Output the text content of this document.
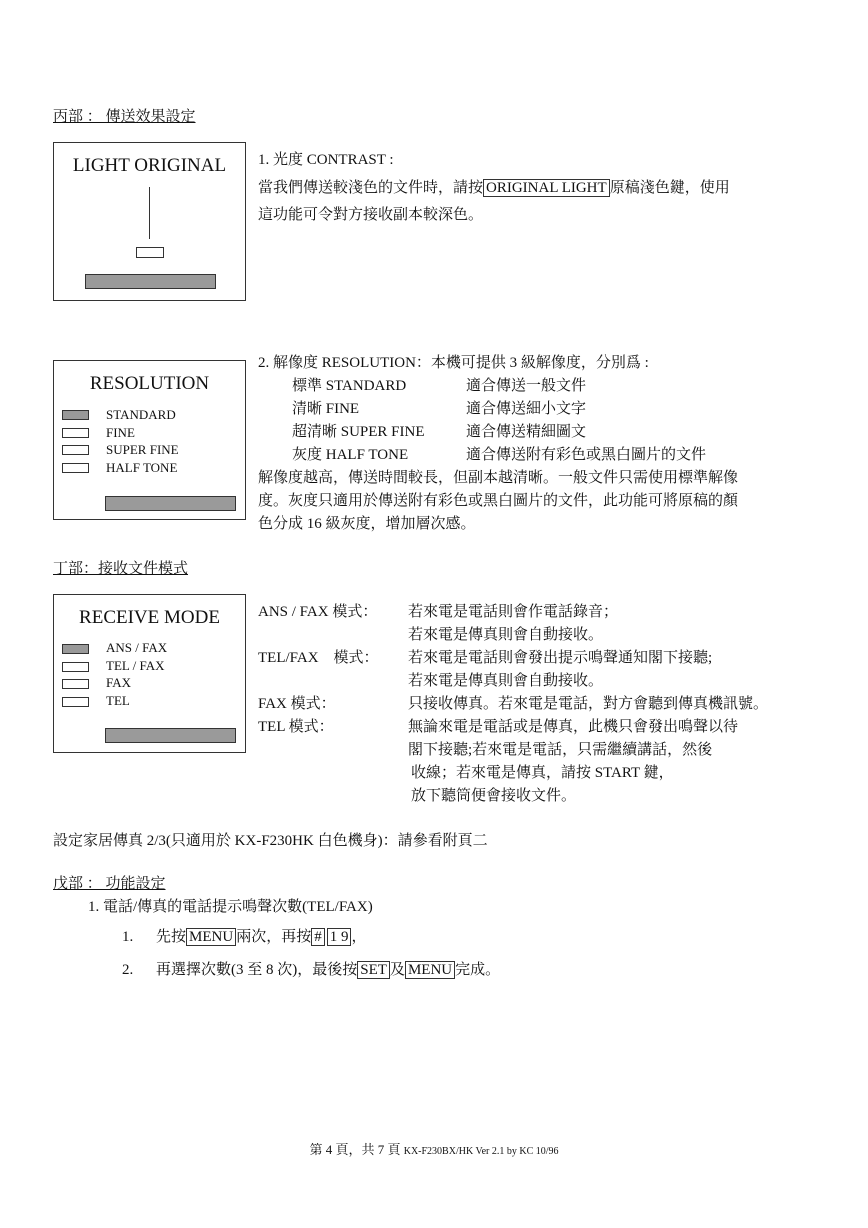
丙部 ： 傳送效果設定
LIGHT ORIGINAL	1. 光度 CONTRAST :
當我們傳送較淺色的文件時，請按 ORIGINAL LIGHT 原稿淺色鍵，使用
這功能可令對方接收副本較深色。
RESOLUTION
STANDARD
FINE
SUPER FINE
HALF TONE
2. 解像度 RESOLUTION：本機可提供 3 級解像度，分別爲 :
標準 STANDARD	適合傳送一般文件
清晰 FINE	適合傳送細小文字
超清晰 SUPER FINE	適合傳送精細圖文
灰度 HALF TONE	適合傳送附有彩色或黑白圖片的文件
解像度越高，傳送時間較長，但副本越清晰。一般文件只需使用標準解像
度。灰度只適用於傳送附有彩色或黑白圖片的文件，此功能可將原稿的顏
色分成 16 級灰度，增加層次感。
丁部：接收文件模式
RECEIVE MODE
ANS / FAX
TEL / FAX
FAX
TEL
ANS / FAX 模式： 若來電是電話則會作電話錄音；
若來電是傳真則會自動接收。
TEL/FAX　模式： 若來電是電話則會發出提示鳴聲通知閣下接聽;
若來電是傳真則會自動接收。
FAX 模式：	只接收傳真。若來電是電話，對方會聽到傳真機訊號。
TEL 模式：	無論來電是電話或是傳真，此機只會發出鳴聲以待
閣下接聽;若來電是電話，只需繼續講話，然後
收線；若來電是傳真，請按 START 鍵，
放下聽筒便會接收文件。
設定家居傳真 2/3(只適用於 KX-F230HK 白色機身)：請參看附頁二
戊部 ： 功能設定
1. 電話/傳真的電話提示鳴聲次數(TEL/FAX)
1. 先按 MENU 兩次，再按 # 1 9 ，
2. 再選擇次數(3 至 8 次)，最後按 SET 及 MENU 完成。
第 4 頁，共 7 頁 KX-F230BX/HK Ver 2.1 by KC 10/96
